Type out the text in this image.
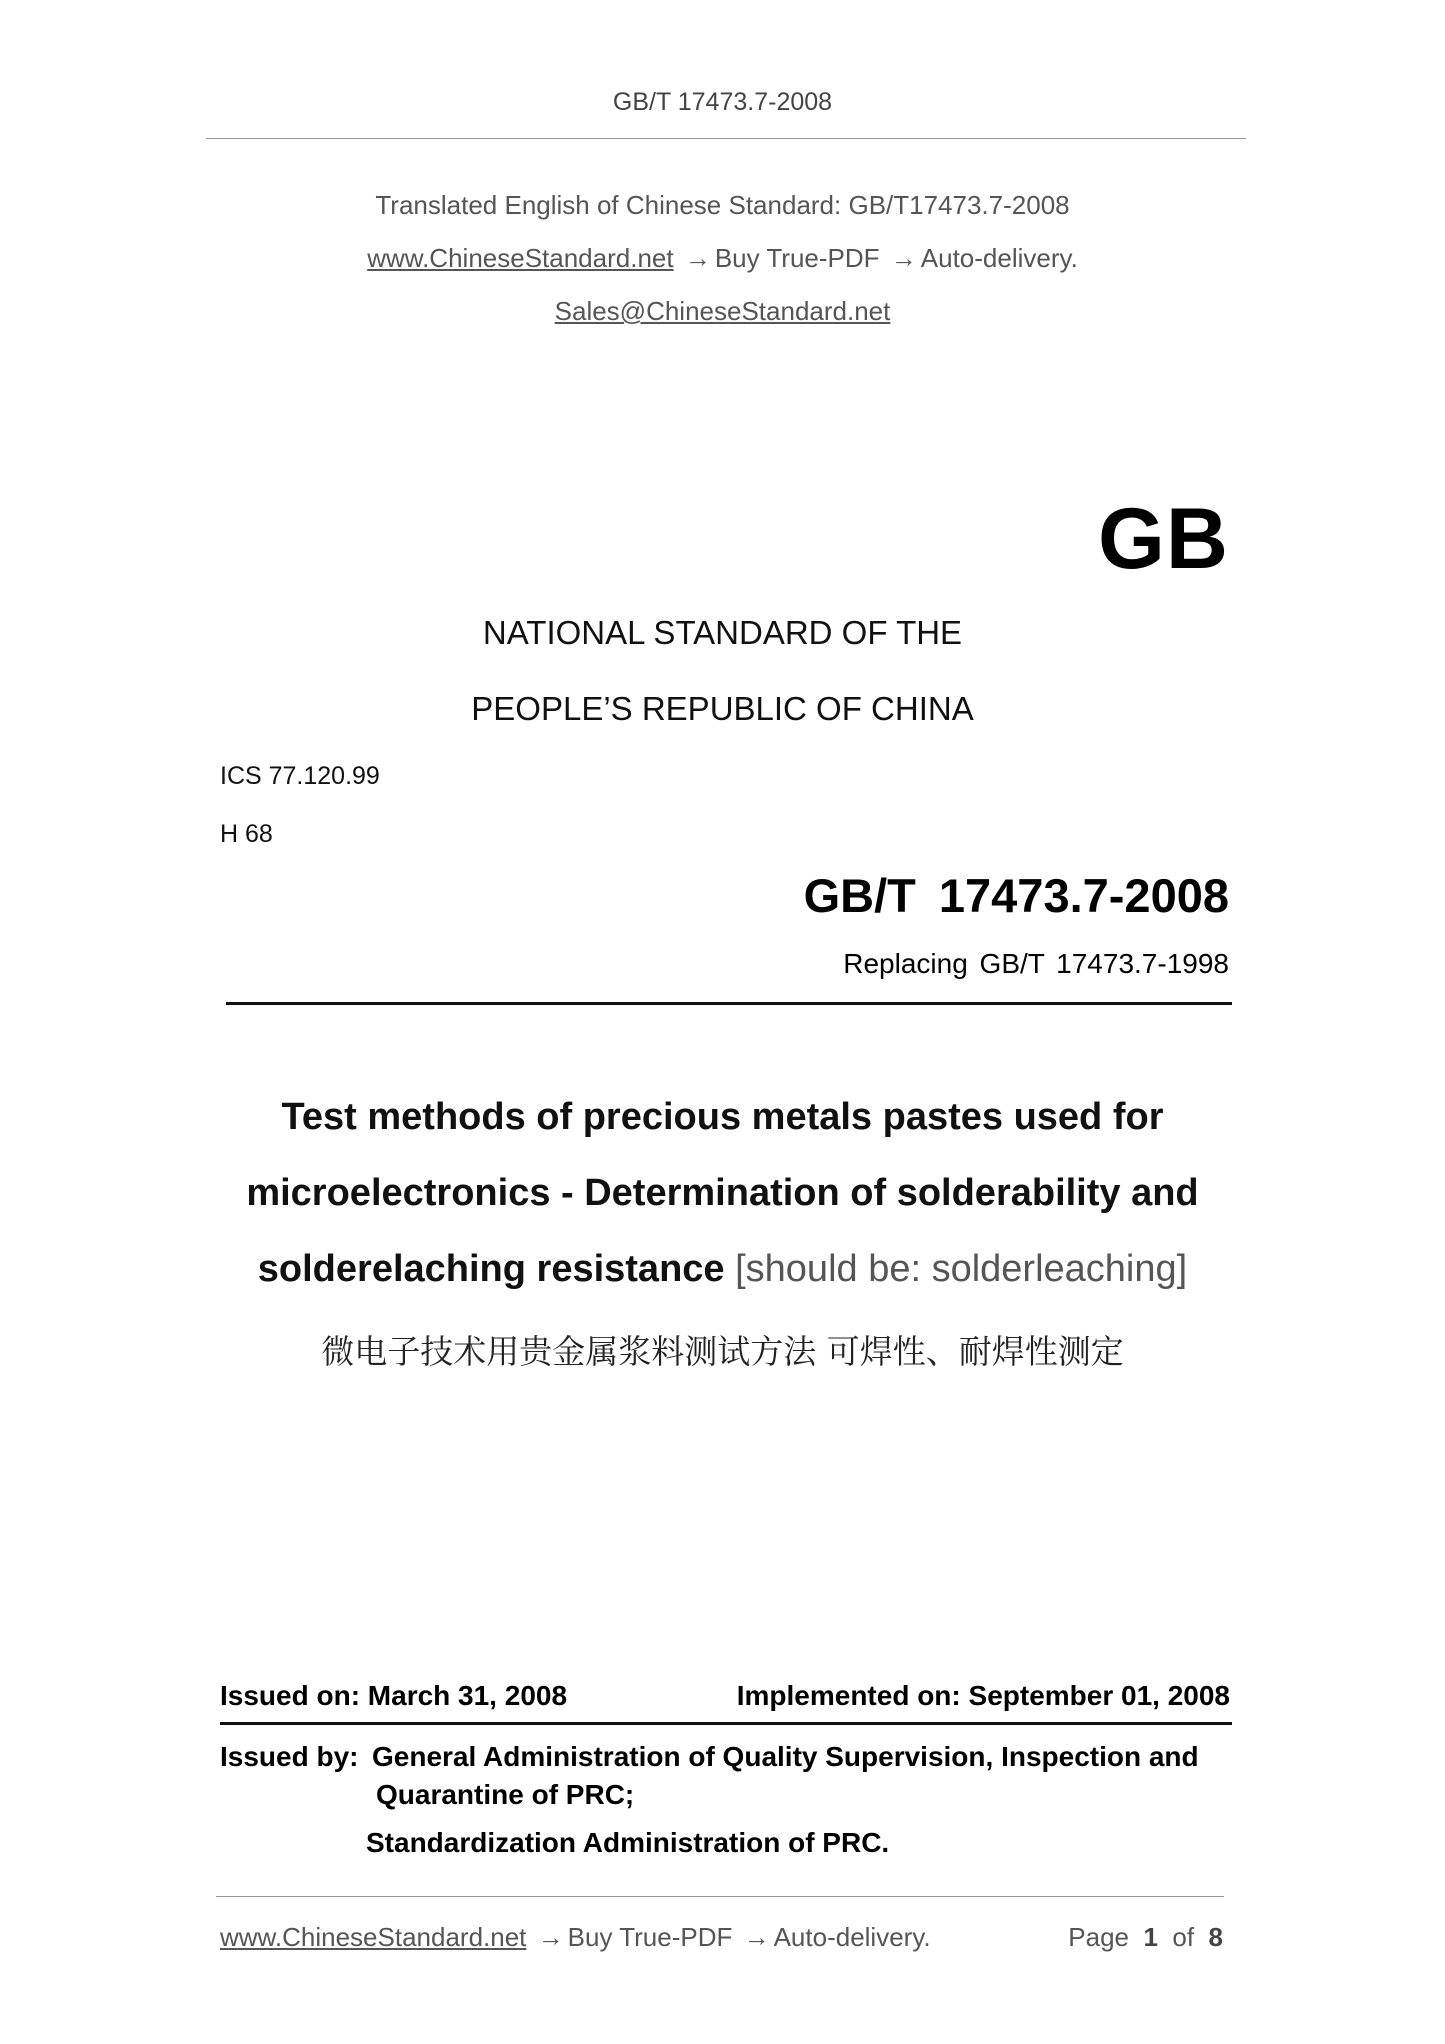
GB/T 17473.7-2008
Translated English of Chinese Standard: GB/T17473.7-2008
www.ChineseStandard.net → Buy True-PDF → Auto-delivery.
Sales@ChineseStandard.net
GB
NATIONAL STANDARD OF THE
PEOPLE’S REPUBLIC OF CHINA
ICS 77.120.99
H 68
GB/T 17473.7-2008
Replacing GB/T 17473.7-1998
Test methods of precious metals pastes used for
microelectronics - Determination of solderability and
solderelaching resistance [should be: solderleaching]
微电子技术用贵金属浆料测试方法 可焊性、耐焊性测定
Issued on: March 31, 2008	Implemented on: September 01, 2008
Issued by: General Administration of Quality Supervision, Inspection and
Quarantine of PRC;
Standardization Administration of PRC.
www.ChineseStandard.net → Buy True-PDF → Auto-delivery.	Page 1 of 8
